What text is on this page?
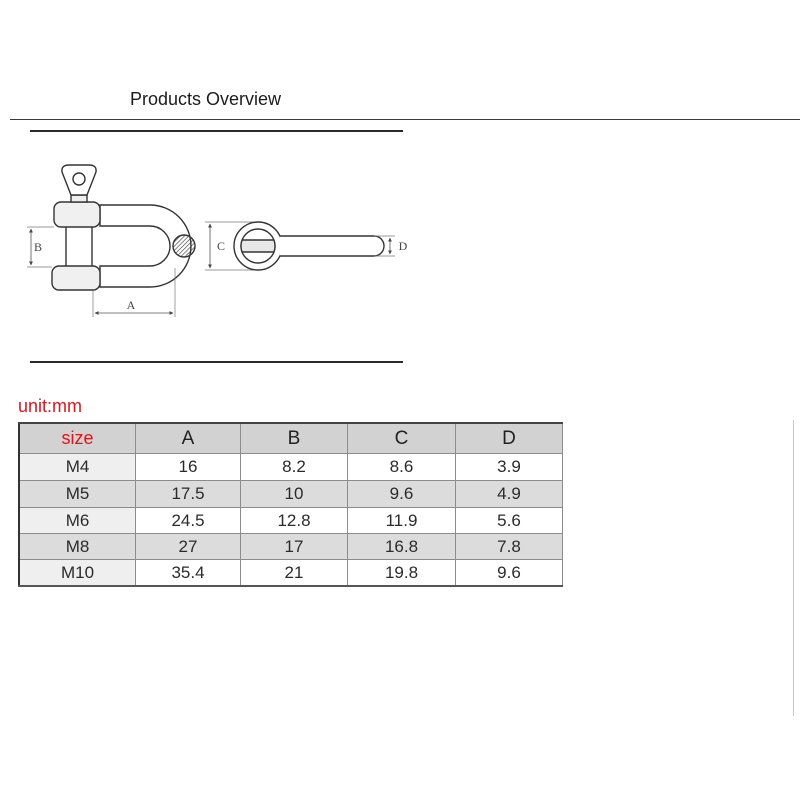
Products Overview
B
A
C	D
unit:mm
size	A	B	C	D
M4	16	8.2	8.6	3.9
M5	17.5	10	9.6	4.9
M6	24.5	12.8	11.9	5.6
M8	27	17	16.8	7.8
M10	35.4	21	19.8	9.6
